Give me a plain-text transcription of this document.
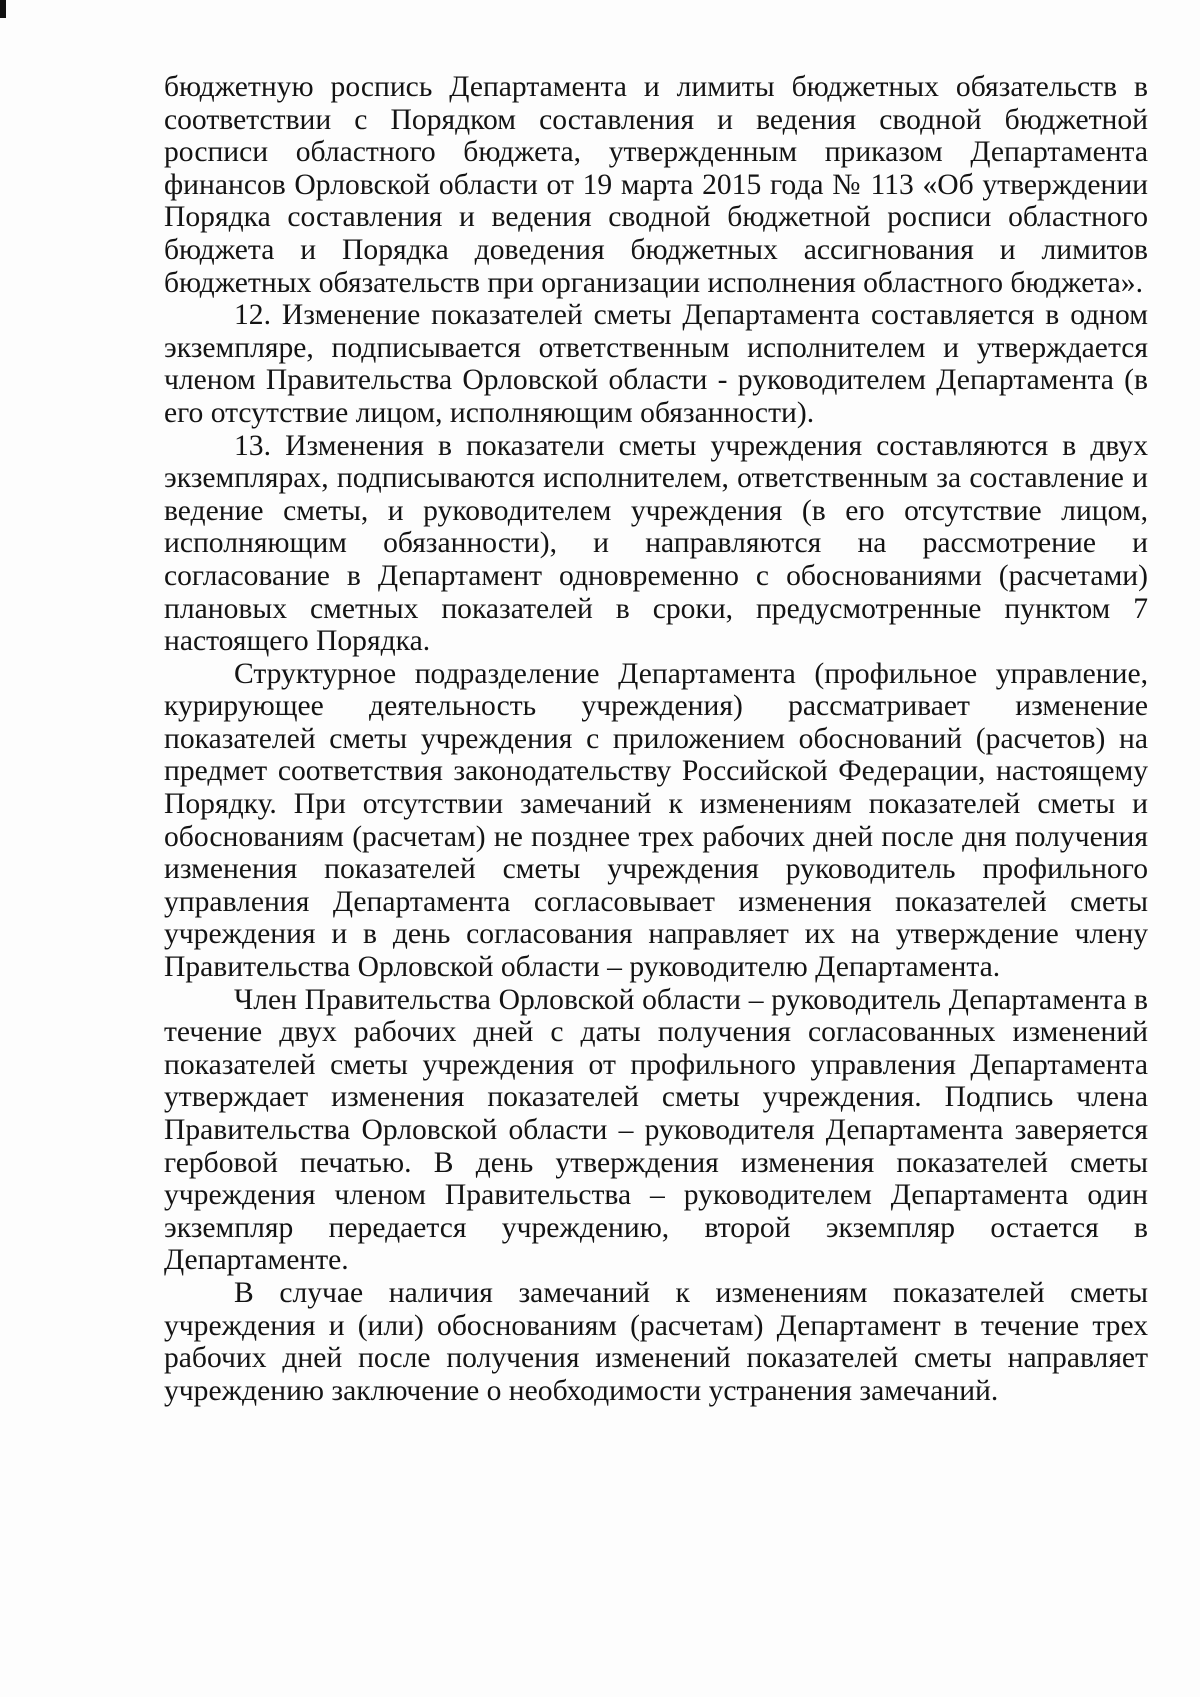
бюджетную роспись Департамента и лимиты бюджетных обязательств в соответствии с Порядком составления и ведения сводной бюджетной росписи областного бюджета, утвержденным приказом Департамента финансов Орловской области от 19 марта 2015 года № 113 «Об утверждении Порядка составления и ведения сводной бюджетной росписи областного бюджета и Порядка доведения бюджетных ассигнования и лимитов бюджетных обязательств при организации исполнения областного бюджета».

12. Изменение показателей сметы Департамента составляется в одном экземпляре, подписывается ответственным исполнителем и утверждается членом Правительства Орловской области - руководителем Департамента (в его отсутствие лицом, исполняющим обязанности).

13. Изменения в показатели сметы учреждения составляются в двух экземплярах, подписываются исполнителем, ответственным за составление и ведение сметы, и руководителем учреждения (в его отсутствие лицом, исполняющим обязанности), и направляются на рассмотрение и согласование в Департамент одновременно с обоснованиями (расчетами) плановых сметных показателей в сроки, предусмотренные пунктом 7 настоящего Порядка.

Структурное подразделение Департамента (профильное управление, курирующее деятельность учреждения) рассматривает изменение показателей сметы учреждения с приложением обоснований (расчетов) на предмет соответствия законодательству Российской Федерации, настоящему Порядку. При отсутствии замечаний к изменениям показателей сметы и обоснованиям (расчетам) не позднее трех рабочих дней после дня получения изменения показателей сметы учреждения руководитель профильного управления Департамента согласовывает изменения показателей сметы учреждения и в день согласования направляет их на утверждение члену Правительства Орловской области – руководителю Департамента.

Член Правительства Орловской области – руководитель Департамента в течение двух рабочих дней с даты получения согласованных изменений показателей сметы учреждения от профильного управления Департамента утверждает изменения показателей сметы учреждения. Подпись члена Правительства Орловской области – руководителя Департамента заверяется гербовой печатью. В день утверждения изменения показателей сметы учреждения членом Правительства – руководителем Департамента один экземпляр передается учреждению, второй экземпляр остается в Департаменте.

В случае наличия замечаний к изменениям показателей сметы учреждения и (или) обоснованиям (расчетам) Департамент в течение трех рабочих дней после получения изменений показателей сметы направляет учреждению заключение о необходимости устранения замечаний.
